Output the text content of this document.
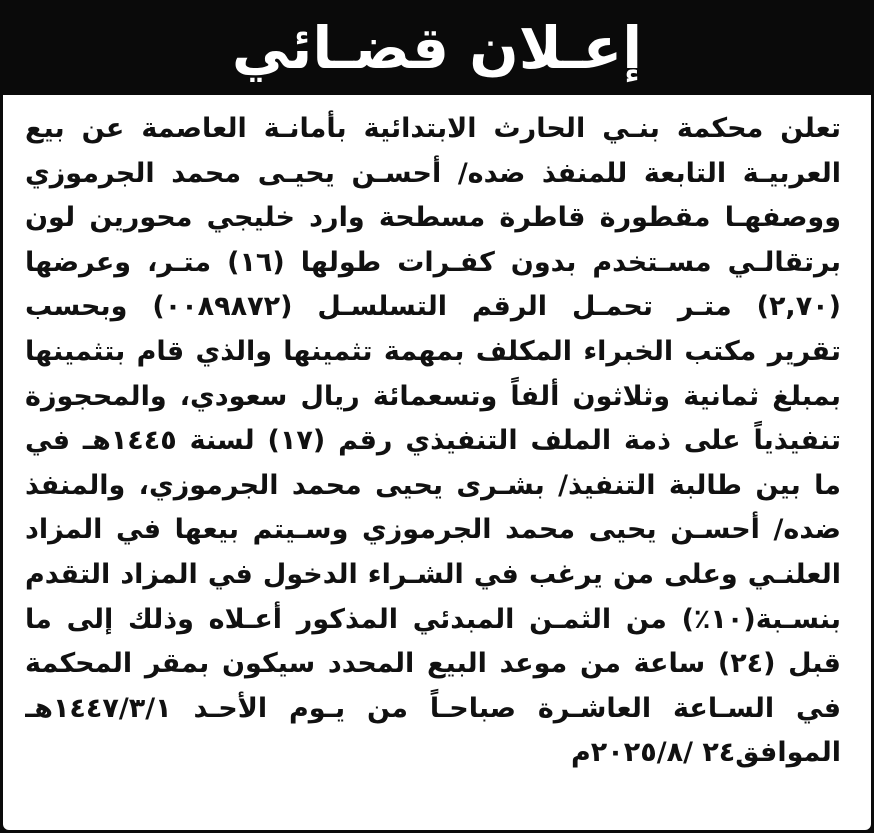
إعـلان قضـائي
تعلن محكمة بنـي الحارث الابتدائية بأمانـة العاصمة عن بيع
العربيـة التابعة للمنفذ ضده/ أحسـن يحيـى محمد الجرموزي
ووصفهـا مقطورة قاطرة مسطحة وارد خليجي محورين لون
برتقالـي مسـتخدم بدون كفـرات طولها (١٦) متـر، وعرضها
(٢,٧٠) متـر تحمـل الرقم التسلسـل (٠٠٨٩٨٧٢) وبحسب
تقرير مكتب الخبراء المكلف بمهمة تثمينها والذي قام بتثمينها
بمبلغ ثمانية وثلاثون ألفاً وتسعمائة ريال سعودي، والمحجوزة
تنفيذياً على ذمة الملف التنفيذي رقم (١٧) لسنة ١٤٤٥هـ في
ما بين طالبة التنفيذ/ بشـرى يحيى محمد الجرموزي، والمنفذ
ضده/ أحسـن يحيى محمد الجرموزي وسـيتم بيعها في المزاد
العلنـي وعلى من يرغب في الشـراء الدخول في المزاد التقدم
بنسـبة(١٠٪) من الثمـن المبدئي المذكور أعـلاه وذلك إلى ما
قبل (٢٤) ساعة من موعد البيع المحدد سيكون بمقر المحكمة
في السـاعة العاشـرة صباحـاً من يـوم الأحـد ١٤٤٧/٣/١هـ
الموافق٢٤ /٢٠٢٥/٨م
